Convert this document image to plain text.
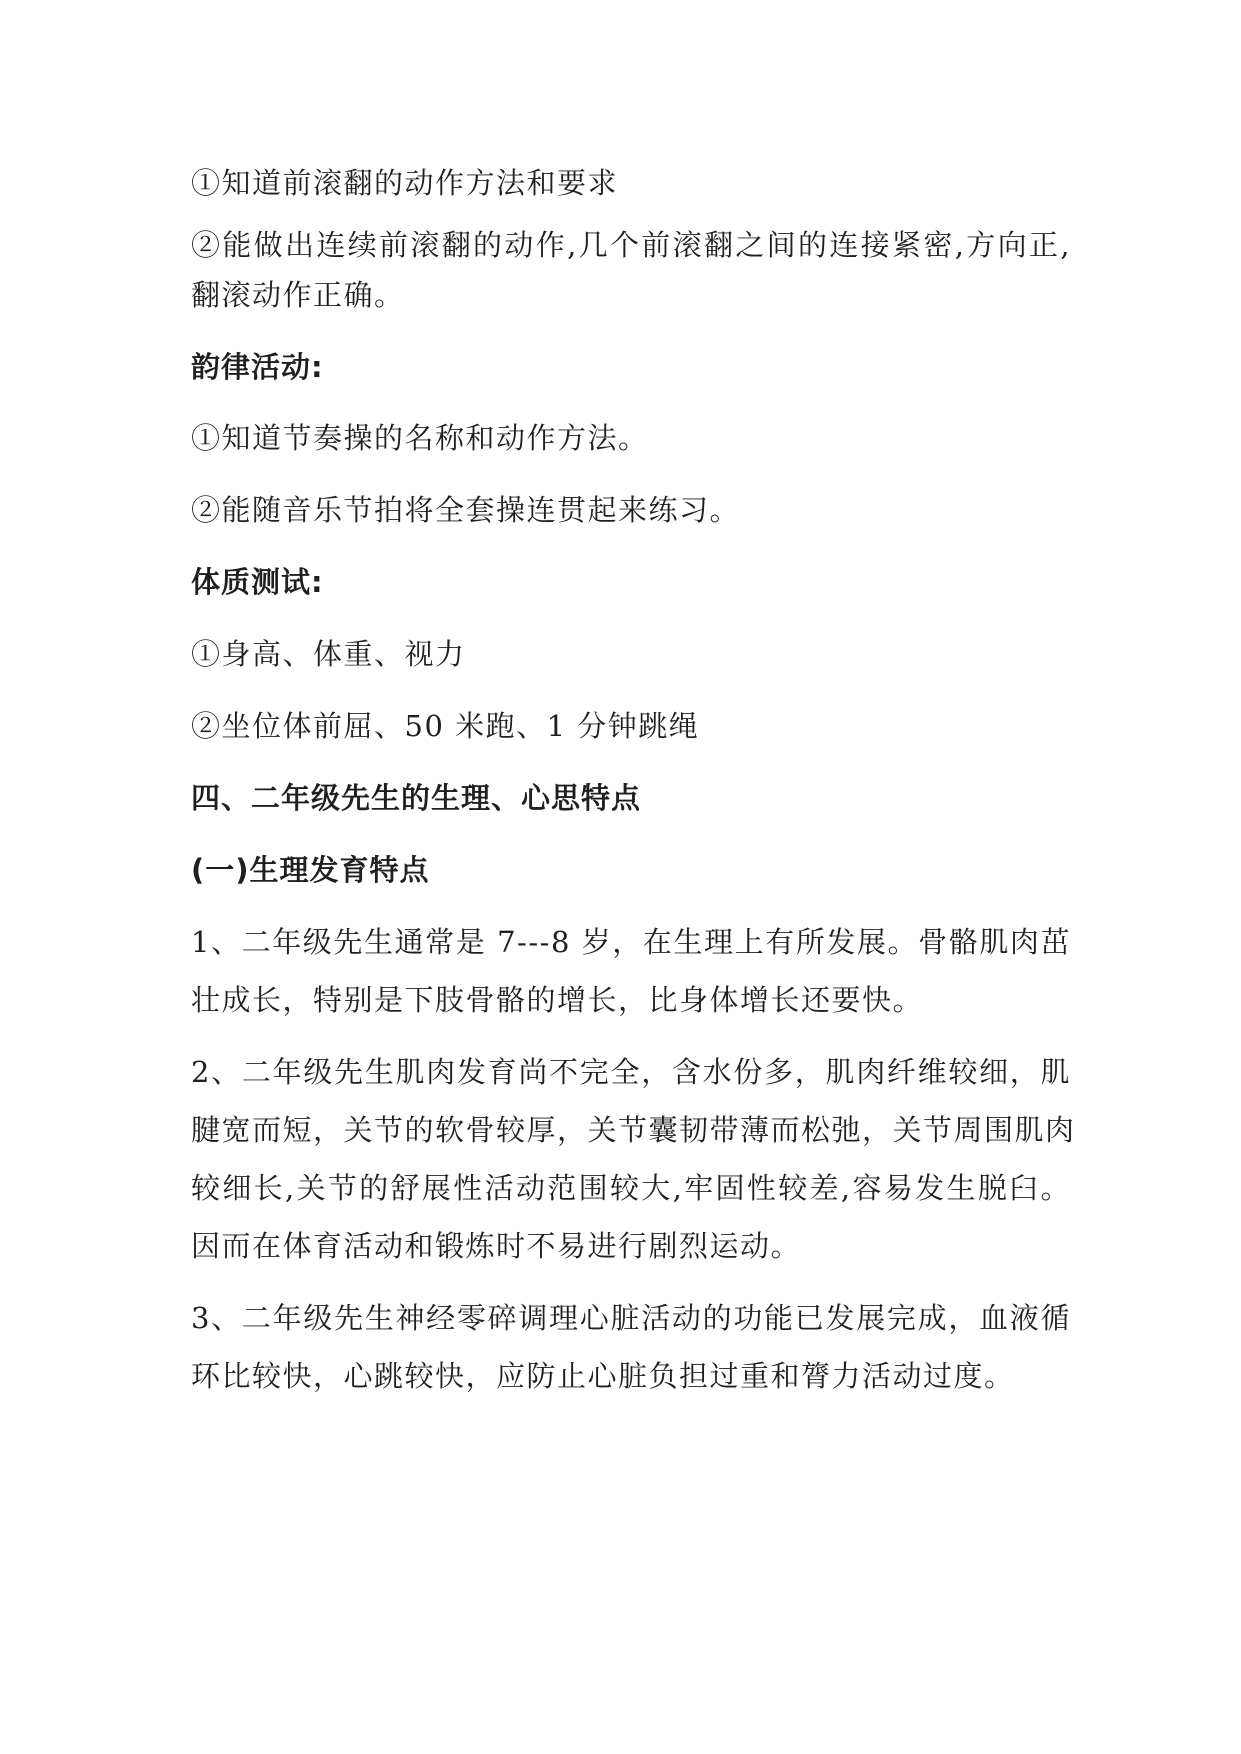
①知道前滚翻的动作方法和要求
②能做出连续前滚翻的动作,几个前滚翻之间的连接紧密,方向正,
翻滚动作正确。
韵律活动:
①知道节奏操的名称和动作方法。
②能随音乐节拍将全套操连贯起来练习。
体质测试:
①身高、体重、视力
②坐位体前屈、50 米跑、1 分钟跳绳
四、二年级先生的生理、心思特点
(一)生理发育特点
1、二年级先生通常是 7---8 岁，在生理上有所发展。骨骼肌肉茁
壮成长，特别是下肢骨骼的增长，比身体增长还要快。
2、二年级先生肌肉发育尚不完全，含水份多，肌肉纤维较细，肌
腱宽而短，关节的软骨较厚，关节囊韧带薄而松弛，关节周围肌肉
较细长,关节的舒展性活动范围较大,牢固性较差,容易发生脱臼。
因而在体育活动和锻炼时不易进行剧烈运动。
3、二年级先生神经零碎调理心脏活动的功能已发展完成，血液循
环比较快，心跳较快，应防止心脏负担过重和膂力活动过度。
